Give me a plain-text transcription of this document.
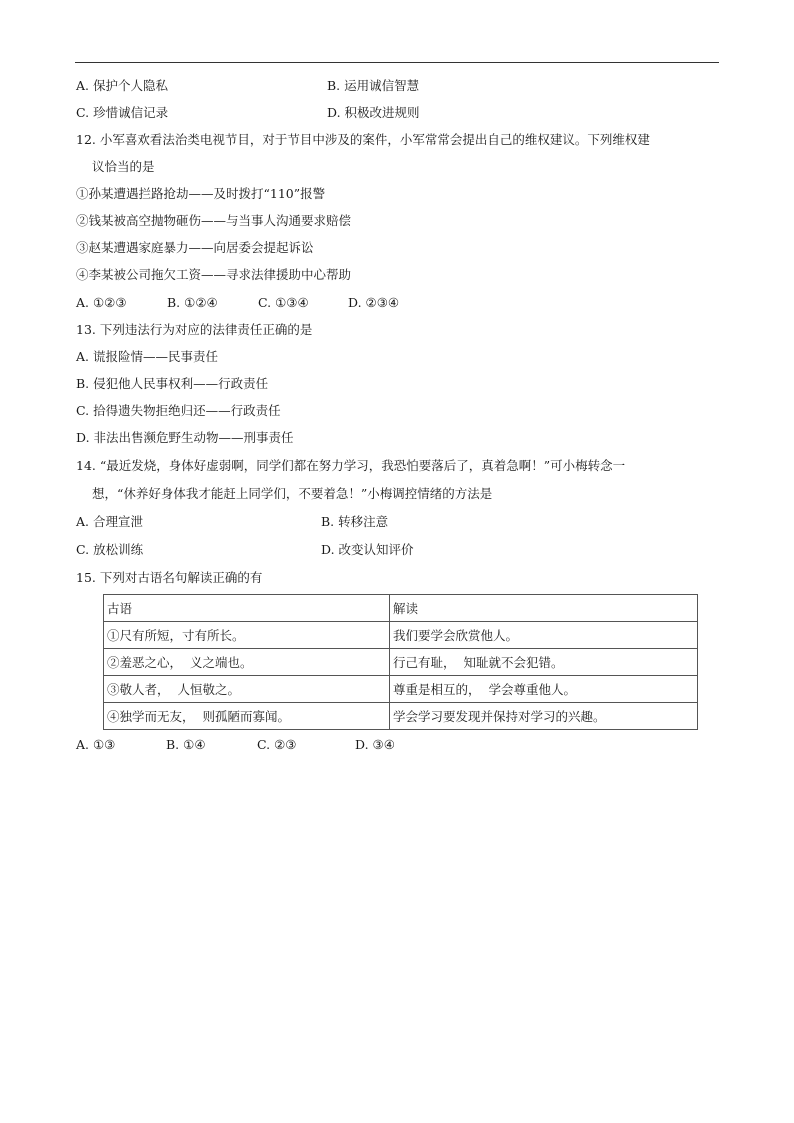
A. 保护个人隐私	B. 运用诚信智慧
C. 珍惜诚信记录	D. 积极改进规则
12. 小军喜欢看法治类电视节目，对于节目中涉及的案件，小军常常会提出自己的维权建议。下列维权建
议恰当的是
①孙某遭遇拦路抢劫——及时拨打“110”报警
②钱某被高空抛物砸伤——与当事人沟通要求赔偿
③赵某遭遇家庭暴力——向居委会提起诉讼
④李某被公司拖欠工资——寻求法律援助中心帮助
A. ①②③	B. ①②④	C. ①③④	D. ②③④
13. 下列违法行为对应的法律责任正确的是
A. 谎报险情——民事责任
B. 侵犯他人民事权利——行政责任
C. 拾得遗失物拒绝归还——行政责任
D. 非法出售濒危野生动物——刑事责任
14. “最近发烧，身体好虚弱啊，同学们都在努力学习，我恐怕要落后了，真着急啊！”可小梅转念一
想，“休养好身体我才能赶上同学们，不要着急！”小梅调控情绪的方法是
A. 合理宣泄	B. 转移注意
C. 放松训练	D. 改变认知评价
15. 下列对古语名句解读正确的有
古语	解读
①尺有所短，寸有所长。	我们要学会欣赏他人。
②羞恶之心，  义之端也。	行己有耻，  知耻就不会犯错。
③敬人者，  人恒敬之。	尊重是相互的，  学会尊重他人。
④独学而无友，  则孤陋而寡闻。	学会学习要发现并保持对学习的兴趣。
A. ①③	B. ①④	C. ②③	D. ③④
